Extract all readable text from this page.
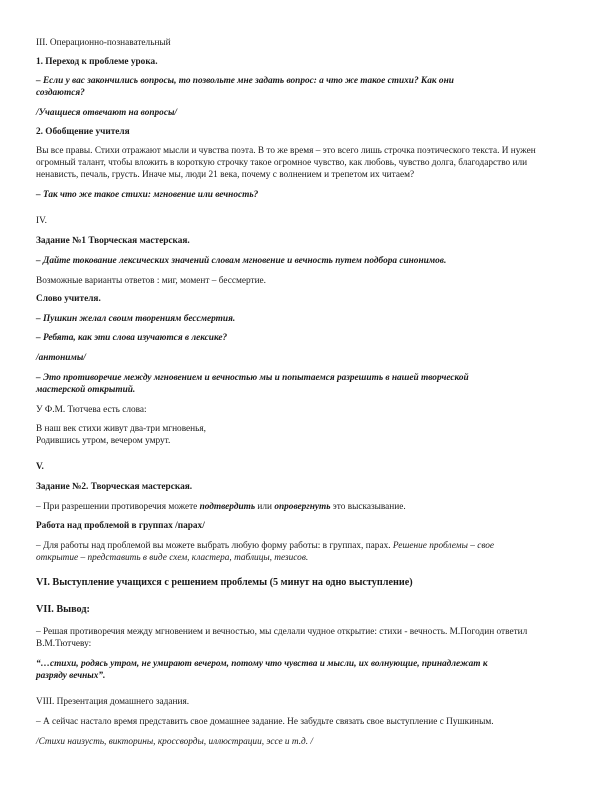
III. Операционно-познавательный
1. Переход к проблеме урока.
– Если у вас закончились вопросы, то позвольте мне задать вопрос: а что же такое стихи? Как они
создаются?
/Учащиеся отвечают на вопросы/
2. Обобщение учителя
Вы все правы. Стихи отражают мысли и чувства поэта. В то же время – это всего лишь строчка поэтического текста. И нужен
огромный талант, чтобы вложить в короткую строчку такое огромное чувство, как любовь, чувство долга, благодарство или
ненависть, печаль, грусть. Иначе мы, люди 21 века, почему с волнением и трепетом их читаем?
– Так что же такое стихи: мгновение или вечность?
IV.
Задание №1 Творческая мастерская.
– Дайте токование лексических значений словам мгновение и вечность путем подбора синонимов.
Возможные варианты ответов : миг, момент – бессмертие.
Слово учителя.
– Пушкин желал своим творениям бессмертия.
– Ребята, как эти слова изучаются в лексике?
/антонимы/
– Это противоречие между мгновением и вечностью мы и попытаемся разрешить в нашей творческой
мастерской открытий.
У Ф.М. Тютчева есть слова:
В наш век стихи живут два-три мгновенья,
Родившись утром, вечером умрут.
V.
Задание №2. Творческая мастерская.
– При разрешении противоречия можете подтвердить или опровергнуть это высказывание.
Работа над проблемой в группах /парах/
– Для работы над проблемой вы можете выбрать любую форму работы: в группах, парах. Решение проблемы – свое
открытие – представить в виде схем, кластера, таблицы, тезисов.
VI. Выступление учащихся с решением проблемы (5 минут на одно выступление)
VII. Вывод:
– Решая противоречия между мгновением и вечностью, мы сделали чудное открытие: стихи - вечность. М.Погодин ответил
В.М.Тютчеву:
“…стихи, родясь утром, не умирают вечером, потому что чувства и мысли, их волнующие, принадлежат к
разряду вечных”.
VIII. Презентация домашнего задания.
– А сейчас настало время представить свое домашнее задание. Не забудьте связать свое выступление с Пушкиным.
/Стихи наизусть, викторины, кроссворды, иллюстрации, эссе и т.д. /
